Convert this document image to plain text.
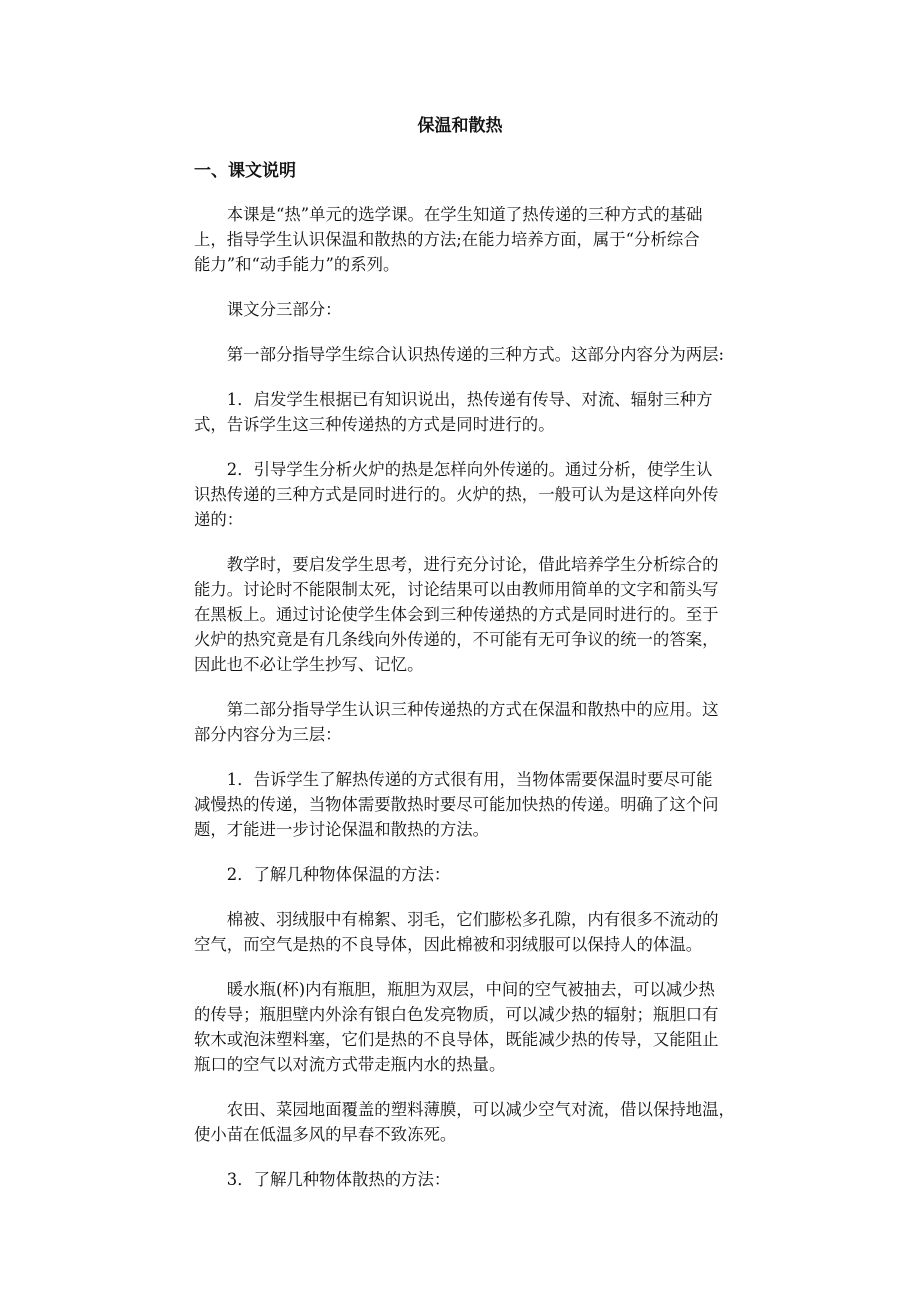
保温和散热
一、课文说明

本课是“热”单元的选学课。在学生知道了热传递的三种方式的基础
上，指导学生认识保温和散热的方法;在能力培养方面，属于“分析综合
能力”和“动手能力”的系列。

课文分三部分：

第一部分指导学生综合认识热传递的三种方式。这部分内容分为两层:

1．启发学生根据已有知识说出，热传递有传导、对流、辐射三种方
式，告诉学生这三种传递热的方式是同时进行的。

2．引导学生分析火炉的热是怎样向外传递的。通过分析，使学生认
识热传递的三种方式是同时进行的。火炉的热，一般可认为是这样向外传
递的：

教学时，要启发学生思考，进行充分讨论，借此培养学生分析综合的
能力。讨论时不能限制太死，讨论结果可以由教师用简单的文字和箭头写
在黑板上。通过讨论使学生体会到三种传递热的方式是同时进行的。至于
火炉的热究竟是有几条线向外传递的，不可能有无可争议的统一的答案，
因此也不必让学生抄写、记忆。

第二部分指导学生认识三种传递热的方式在保温和散热中的应用。这
部分内容分为三层：

1．告诉学生了解热传递的方式很有用，当物体需要保温时要尽可能
减慢热的传递，当物体需要散热时要尽可能加快热的传递。明确了这个问
题，才能进一步讨论保温和散热的方法。

2．了解几种物体保温的方法：

棉被、羽绒服中有棉絮、羽毛，它们膨松多孔隙，内有很多不流动的
空气，而空气是热的不良导体，因此棉被和羽绒服可以保持人的体温。

暖水瓶(杯)内有瓶胆，瓶胆为双层，中间的空气被抽去，可以减少热
的传导；瓶胆壁内外涂有银白色发亮物质，可以减少热的辐射；瓶胆口有
软木或泡沫塑料塞，它们是热的不良导体，既能减少热的传导，又能阻止
瓶口的空气以对流方式带走瓶内水的热量。

农田、菜园地面覆盖的塑料薄膜，可以减少空气对流，借以保持地温，
使小苗在低温多风的早春不致冻死。

3．了解几种物体散热的方法：
